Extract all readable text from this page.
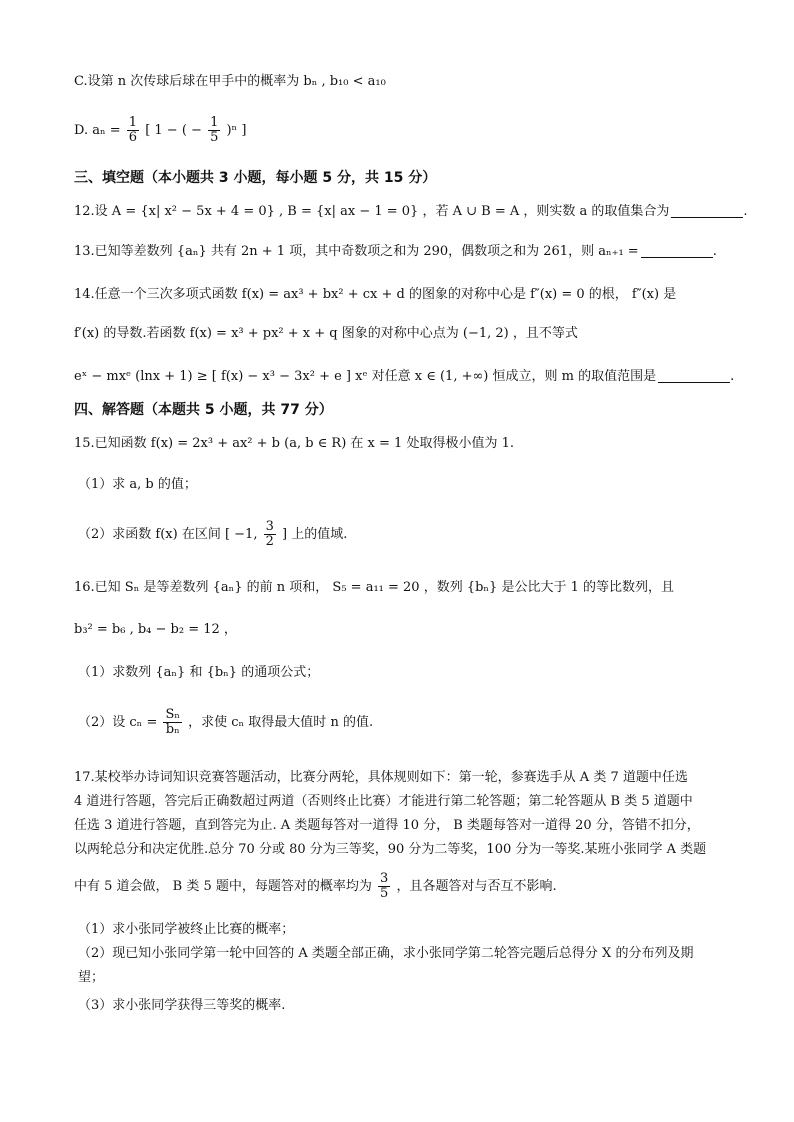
C.设第 n 次传球后球在甲手中的概率为 bₙ , b₁₀ < a₁₀
D. $a_n = \frac{1}{6}$ [ 1 − ( − $\frac{1}{5} )^n$ ]
三、填空题（本小题共 3 小题，每小题 5 分，共 15 分）
12.设 A = {x| x² − 5x + 4 = 0} , B = {x| ax − 1 = 0} ，若 A ∪ B = A ，则实数 a 的取值集合为	.
13.已知等差数列 {aₙ} 共有 2n + 1 项，其中奇数项之和为 290，偶数项之和为 261，则 aₙ₊₁ =	.
14.任意一个三次多项式函数 f(x) = ax³ + bx² + cx + d 的图象的对称中心是 f″(x) = 0 的根， f″(x) 是
f′(x) 的导数.若函数 f(x) = x³ + px² + x + q 图象的对称中心点为 (−1, 2) ，且不等式
eˣ − mxᵉ (lnx + 1) ≥ [ f(x) − x³ − 3x² + e ] xᵉ 对任意 x ∈ (1, +∞) 恒成立，则 m 的取值范围是	.
四、解答题（本题共 5 小题，共 77 分）
15.已知函数 f(x) = 2x³ + ax² + b (a, b ∈ R) 在 x = 1 处取得极小值为 1.
（1）求 a, b 的值；
（2）求函数 f(x) 在区间 [ −1, $\frac{3}{2}$ ] 上的值域.
16.已知 Sₙ 是等差数列 {aₙ} 的前 n 项和， S₅ = a₁₁ = 20 ，数列 {bₙ} 是公比大于 1 的等比数列，且
b₃² = b₆ , b₄ − b₂ = 12 ，
（1）求数列 {aₙ} 和 {bₙ} 的通项公式；
（2）设 $c_n = \frac{\text{Sₙ}}{\text{bₙ}}$ ，求使 cₙ 取得最大值时 n 的值.
17.某校举办诗词知识竞赛答题活动，比赛分两轮，具体规则如下：第一轮，参赛选手从 A 类 7 道题中任选
4 道进行答题，答完后正确数超过两道（否则终止比赛）才能进行第二轮答题；第二轮答题从 B 类 5 道题中
任选 3 道进行答题，直到答完为止. A 类题每答对一道得 10 分， B 类题每答对一道得 20 分，答错不扣分，
以两轮总分和决定优胜.总分 70 分或 80 分为三等奖，90 分为二等奖，100 分为一等奖.某班小张同学 A 类题
中有 5 道会做， B 类 5 题中，每题答对的概率均为 $\frac{3}{5}$ ，且各题答对与否互不影响.
（1）求小张同学被终止比赛的概率；
（2）现已知小张同学第一轮中回答的 A 类题全部正确，求小张同学第二轮答完题后总得分 X 的分布列及期
望；
（3）求小张同学获得三等奖的概率.
